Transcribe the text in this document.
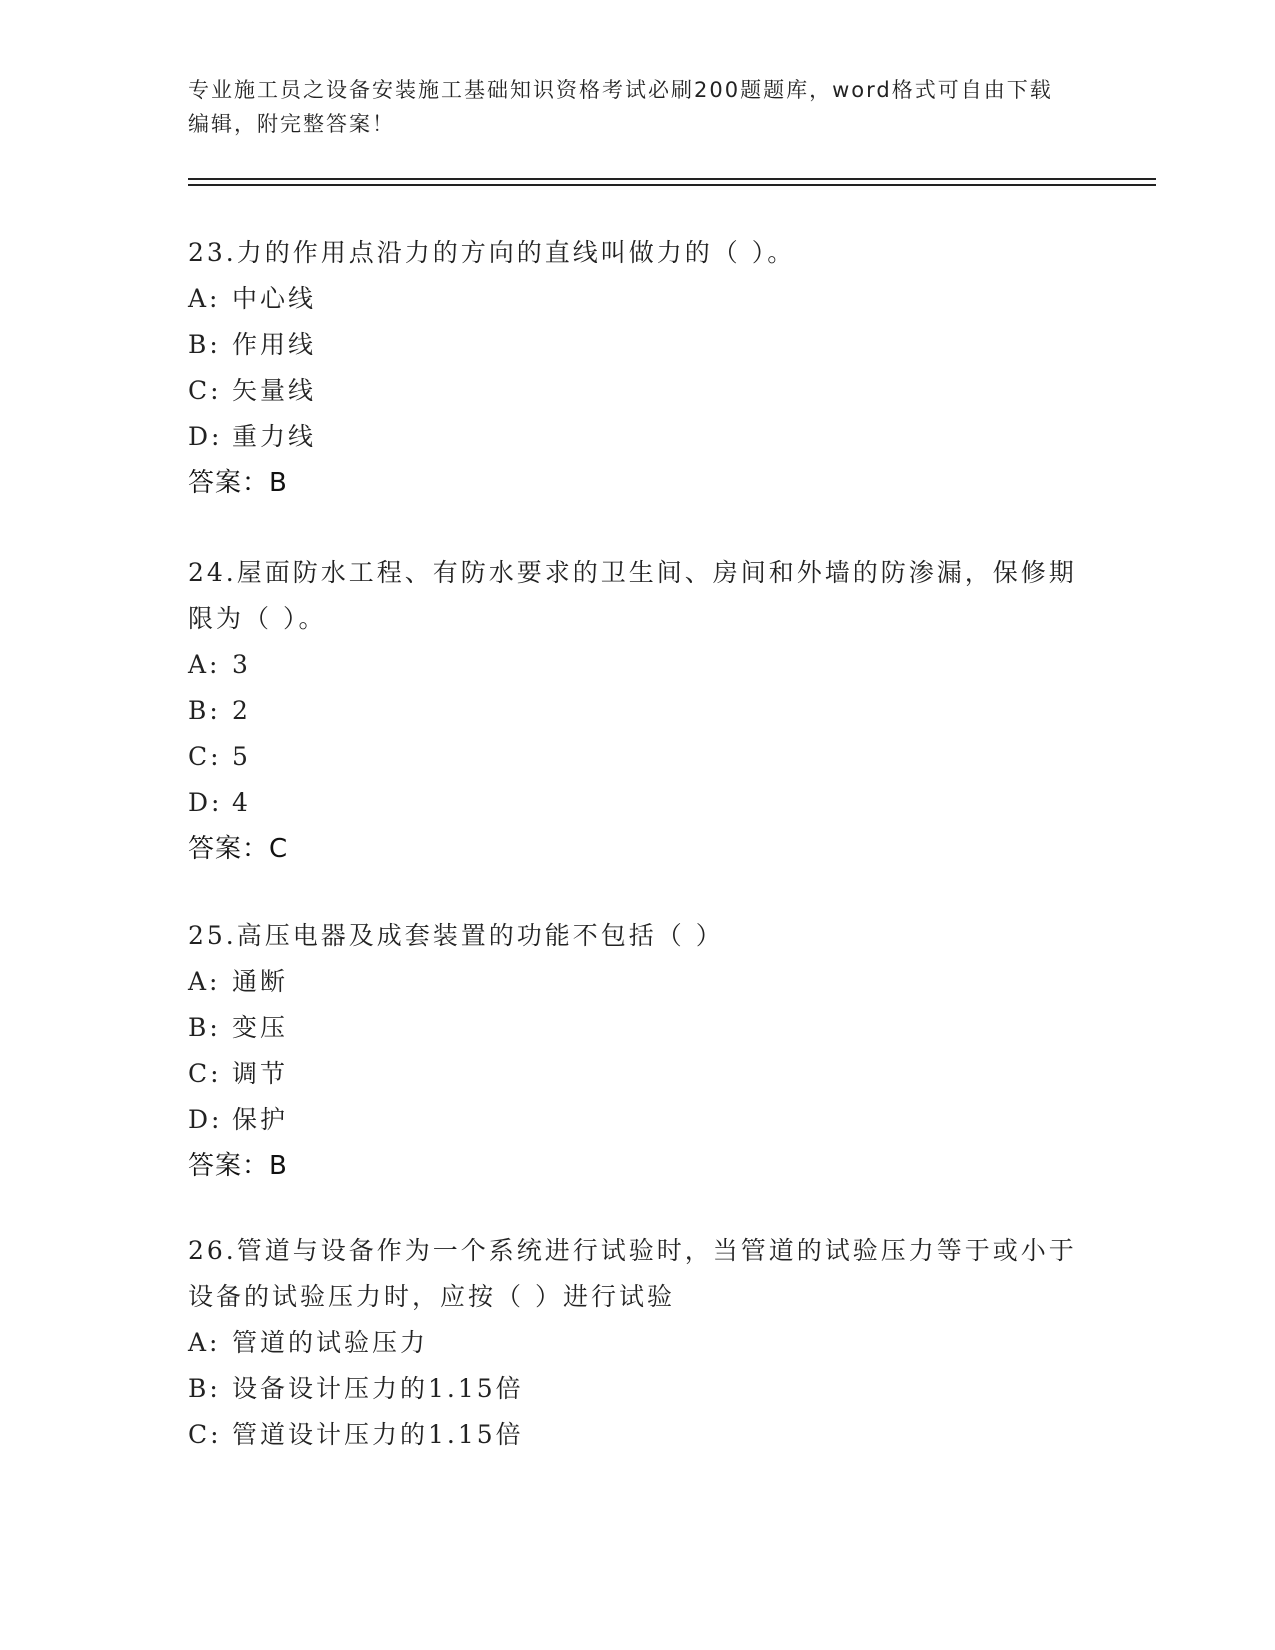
专业施工员之设备安装施工基础知识资格考试必刷200题题库，word格式可自由下载编辑，附完整答案！

23.力的作用点沿力的方向的直线叫做力的（ ）。

A: 中心线

B: 作用线

C: 矢量线

D: 重力线

答案：B

24.屋面防水工程、有防水要求的卫生间、房间和外墙的防渗漏，保修期限为（ ）。

A: 3

B: 2

C: 5

D: 4

答案：C

25.高压电器及成套装置的功能不包括（ ）

A: 通断

B: 变压

C: 调节

D: 保护

答案：B

26.管道与设备作为一个系统进行试验时，当管道的试验压力等于或小于设备的试验压力时，应按（ ）进行试验

A: 管道的试验压力

B: 设备设计压力的1.15倍

C: 管道设计压力的1.15倍
